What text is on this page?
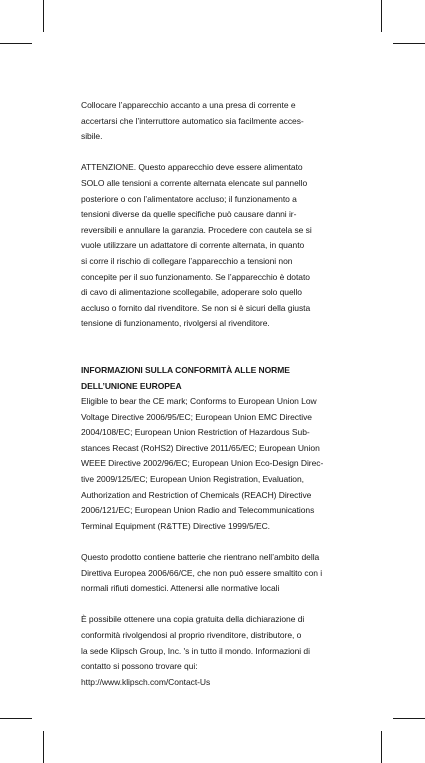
Collocare l’apparecchio accanto a una presa di corrente e
accertarsi che l’interruttore automatico sia facilmente acces-
sibile.

ATTENZIONE. Questo apparecchio deve essere alimentato
SOLO alle tensioni a corrente alternata elencate sul pannello
posteriore o con l’alimentatore accluso; il funzionamento a
tensioni diverse da quelle specifiche può causare danni ir-
reversibili e annullare la garanzia. Procedere con cautela se si
vuole utilizzare un adattatore di corrente alternata, in quanto
si corre il rischio di collegare l’apparecchio a tensioni non
concepite per il suo funzionamento. Se l’apparecchio è dotato
di cavo di alimentazione scollegabile, adoperare solo quello
accluso o fornito dal rivenditore. Se non si è sicuri della giusta
tensione di funzionamento, rivolgersi al rivenditore.

INFORMAZIONI SULLA CONFORMITÀ ALLE NORME
DELL’UNIONE EUROPEA

Eligible to bear the CE mark; Conforms to European Union Low
Voltage Directive 2006/95/EC; European Union EMC Directive
2004/108/EC; European Union Restriction of Hazardous Sub-
stances Recast (RoHS2) Directive 2011/65/EC; European Union
WEEE Directive 2002/96/EC; European Union Eco-Design Direc-
tive 2009/125/EC; European Union Registration, Evaluation,
Authorization and Restriction of Chemicals (REACH) Directive
2006/121/EC; European Union Radio and Telecommunications
Terminal Equipment (R&TTE) Directive 1999/5/EC.

Questo prodotto contiene batterie che rientrano nell’ambito della
Direttiva Europea 2006/66/CE, che non può essere smaltito con i
normali rifiuti domestici. Attenersi alle normative locali

È possibile ottenere una copia gratuita della dichiarazione di
conformità rivolgendosi al proprio rivenditore, distributore, o
la sede Klipsch Group, Inc. 's in tutto il mondo. Informazioni di
contatto si possono trovare qui:
http://www.klipsch.com/Contact-Us
